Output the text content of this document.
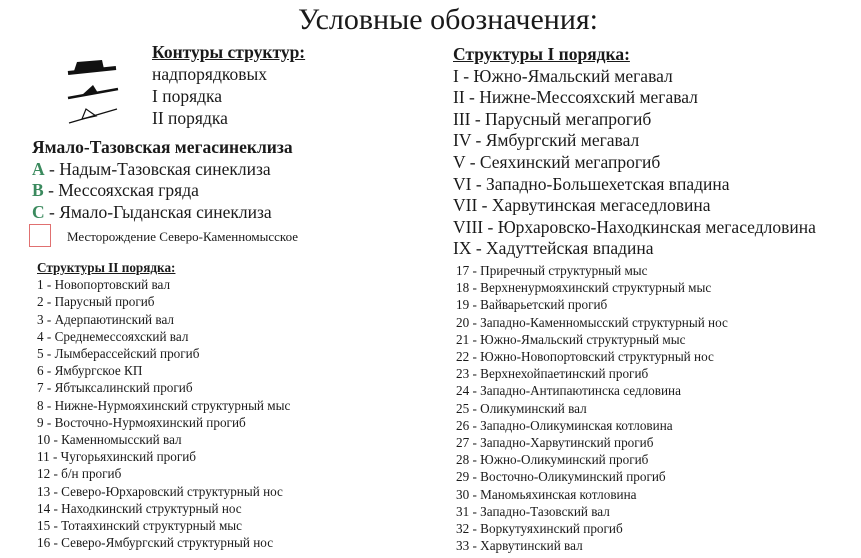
Условные обозначения:
Контуры структур:
надпорядковых
I порядка
II порядка
Ямало-Тазовская мегасинеклиза
A - Надым-Тазовская синеклиза
B - Мессояхская гряда
C - Ямало-Гыданская синеклиза
Месторождение Северо-Каменномысское
Структуры II порядка:
1 - Новопортовский вал
2 - Парусный прогиб
3 - Адерпаютинский вал
4 - Среднемессояхский вал
5 - Лымберассейский прогиб
6 - Ямбургское КП
7 - Ябтыксалинский прогиб
8 - Нижне-Нурмояхинский структурный мыс
9 - Восточно-Нурмояхинский прогиб
10 - Каменномысский вал
11 - Чугорьяхинский прогиб
12 - б/н прогиб
13 - Северо-Юрхаровский структурный нос
14 - Находкинский структурный нос
15 - Тотаяхинский структурный мыс
16 - Северо-Ямбургский структурный нос
Структуры I порядка:
I - Южно-Ямальский мегавал
II - Нижне-Мессояхский мегавал
III - Парусный мегапрогиб
IV - Ямбургский мегавал
V - Сеяхинский мегапрогиб
VI - Западно-Большехетская впадина
VII - Харвутинская мегаседловина
VIII - Юрхаровско-Находкинская мегаседловина
IX - Хадуттейская впадина
17 - Приречный структурный мыс
18 - Верхненурмояхинский структурный мыс
19 - Вайварьетский прогиб
20 - Западно-Каменномысский структурный нос
21 - Южно-Ямальский структурный мыс
22 - Южно-Новопортовский структурный нос
23 - Верхнехойпаетинский прогиб
24 - Западно-Антипаютинска седловина
25 - Оликуминский вал
26 - Западно-Оликуминская котловина
27 - Западно-Харвутинский прогиб
28 - Южно-Оликуминский прогиб
29 - Восточно-Оликуминский прогиб
30 - Маномьяхинская котловина
31 - Западно-Тазовский вал
32 - Воркутуяхинский прогиб
33 - Харвутинский вал
